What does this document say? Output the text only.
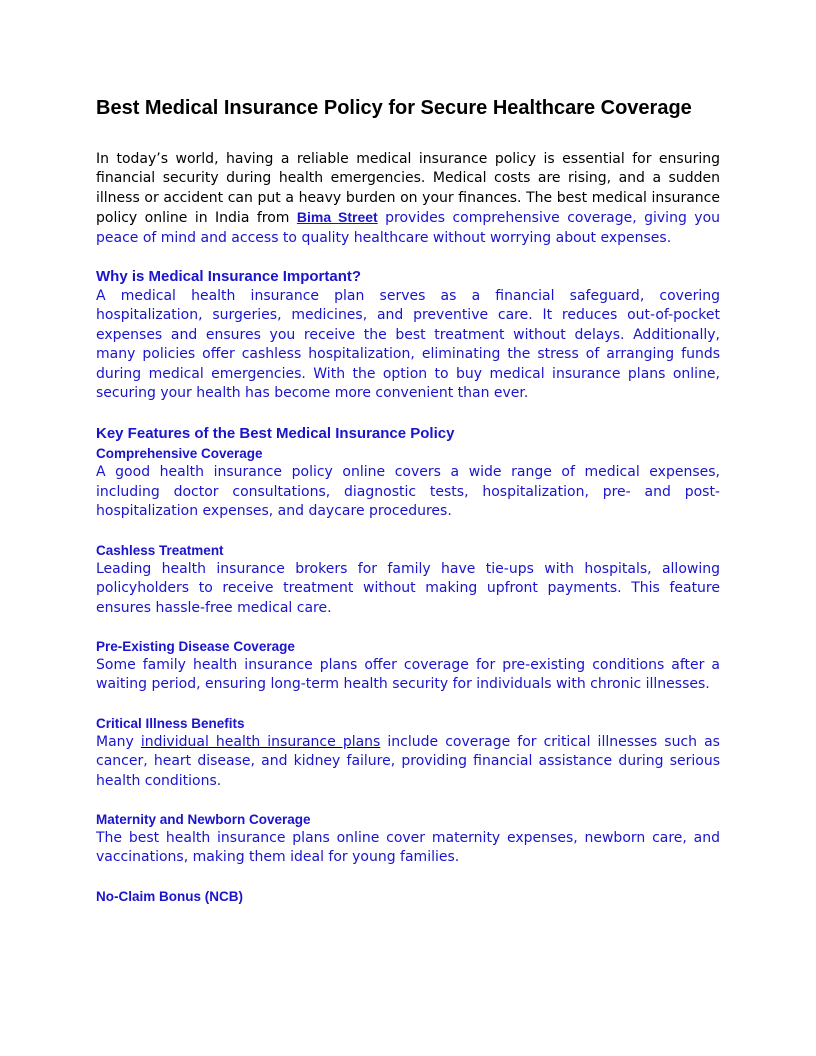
Best Medical Insurance Policy for Secure Healthcare Coverage

In today’s world, having a reliable medical insurance policy is essential for ensuring financial security during health emergencies. Medical costs are rising, and a sudden illness or accident can put a heavy burden on your finances. The best medical insurance policy online in India from Bima Street provides comprehensive coverage, giving you peace of mind and access to quality healthcare without worrying about expenses.

Why is Medical Insurance Important?

A medical health insurance plan serves as a financial safeguard, covering hospitalization, surgeries, medicines, and preventive care. It reduces out-of-pocket expenses and ensures you receive the best treatment without delays. Additionally, many policies offer cashless hospitalization, eliminating the stress of arranging funds during medical emergencies. With the option to buy medical insurance plans online, securing your health has become more convenient than ever.

Key Features of the Best Medical Insurance Policy
Comprehensive Coverage

A good health insurance policy online covers a wide range of medical expenses, including doctor consultations, diagnostic tests, hospitalization, pre- and post-hospitalization expenses, and daycare procedures.

Cashless Treatment

Leading health insurance brokers for family have tie-ups with hospitals, allowing policyholders to receive treatment without making upfront payments. This feature ensures hassle-free medical care.

Pre-Existing Disease Coverage

Some family health insurance plans offer coverage for pre-existing conditions after a waiting period, ensuring long-term health security for individuals with chronic illnesses.

Critical Illness Benefits

Many individual health insurance plans include coverage for critical illnesses such as cancer, heart disease, and kidney failure, providing financial assistance during serious health conditions.

Maternity and Newborn Coverage

The best health insurance plans online cover maternity expenses, newborn care, and vaccinations, making them ideal for young families.

No-Claim Bonus (NCB)
